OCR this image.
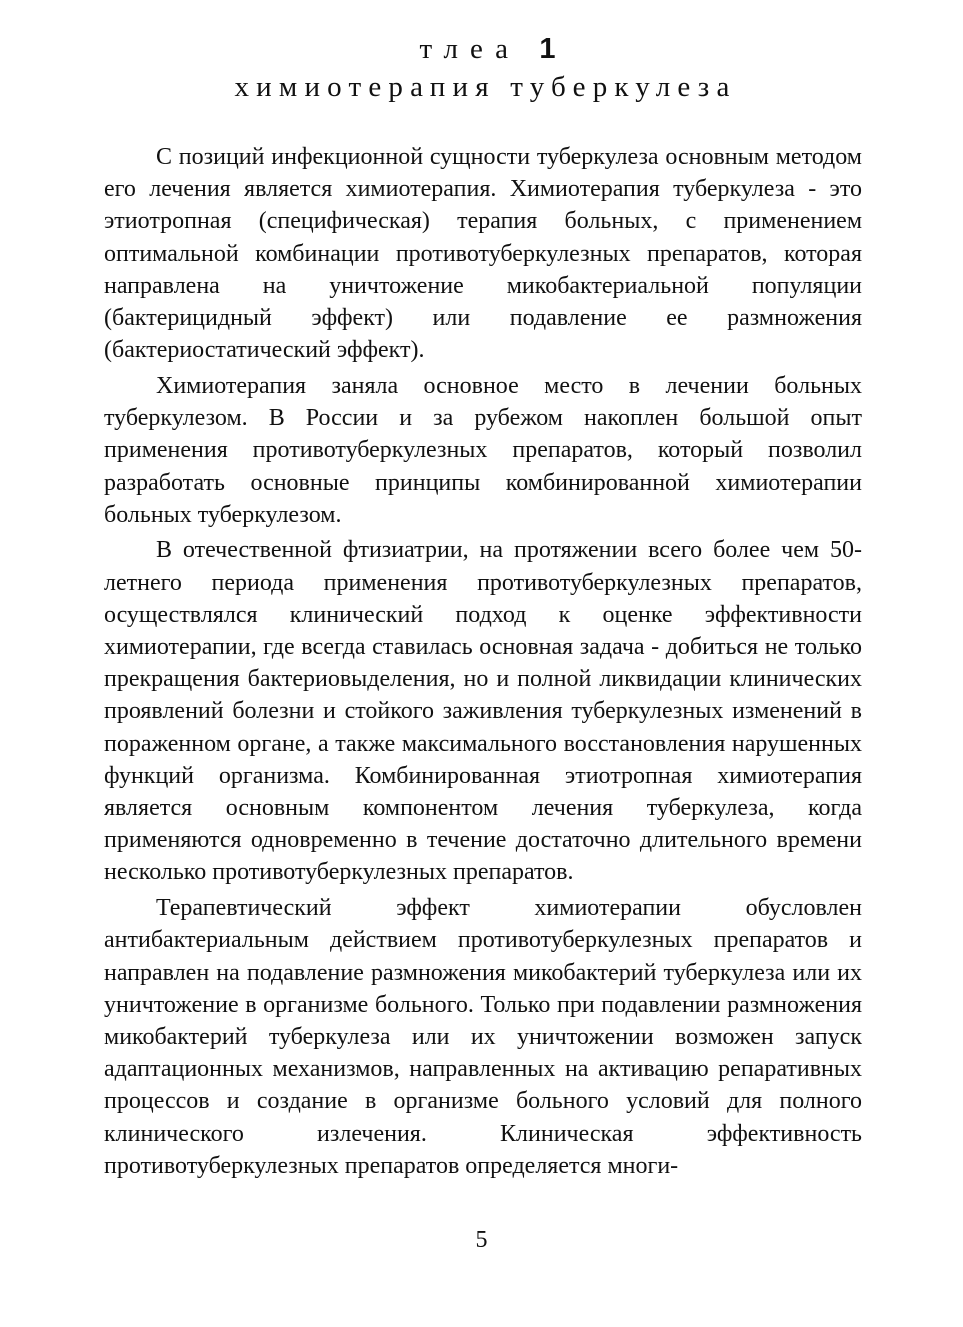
тлеа 1
химиотерапия туберкулеза

С позиций инфекционной сущности туберкулеза основным методом его лечения является химиотерапия. Химиотерапия туберкулеза - это этиотропная (специфическая) терапия больных, с применением оптимальной комбинации противотуберкулезных препаратов, которая направлена на уничтожение микобактериальной популяции (бактерицидный эффект) или подавление ее размножения (бактериостатический эффект).

Химиотерапия заняла основное место в лечении больных туберкулезом. В России и за рубежом накоплен большой опыт применения противотуберкулезных препаратов, который позволил разработать основные принципы комбинированной химиотерапии больных туберкулезом.

В отечественной фтизиатрии, на протяжении всего более чем 50-летнего периода применения противотуберкулезных препаратов, осуществлялся клинический подход к оценке эффективности химиотерапии, где всегда ставилась основная задача - добиться не только прекращения бактериовыделения, но и полной ликвидации клинических проявлений болезни и стойкого заживления туберкулезных изменений в пораженном органе, а также максимального восстановления нарушенных функций организма. Комбинированная этиотропная химиотерапия является основным компонентом лечения туберкулеза, когда применяются одновременно в течение достаточно длительного времени несколько противотуберкулезных препаратов.

Терапевтический эффект химиотерапии обусловлен антибактериальным действием противотуберкулезных препаратов и направлен на подавление размножения микобактерий туберкулеза или их уничтожение в организме больного. Только при подавлении размножения микобактерий туберкулеза или их уничтожении возможен запуск адаптационных механизмов, направленных на активацию репаративных процессов и создание в организме больного условий для полного клинического излечения. Клиническая эффективность противотуберкулезных препаратов определяется многи-

5
